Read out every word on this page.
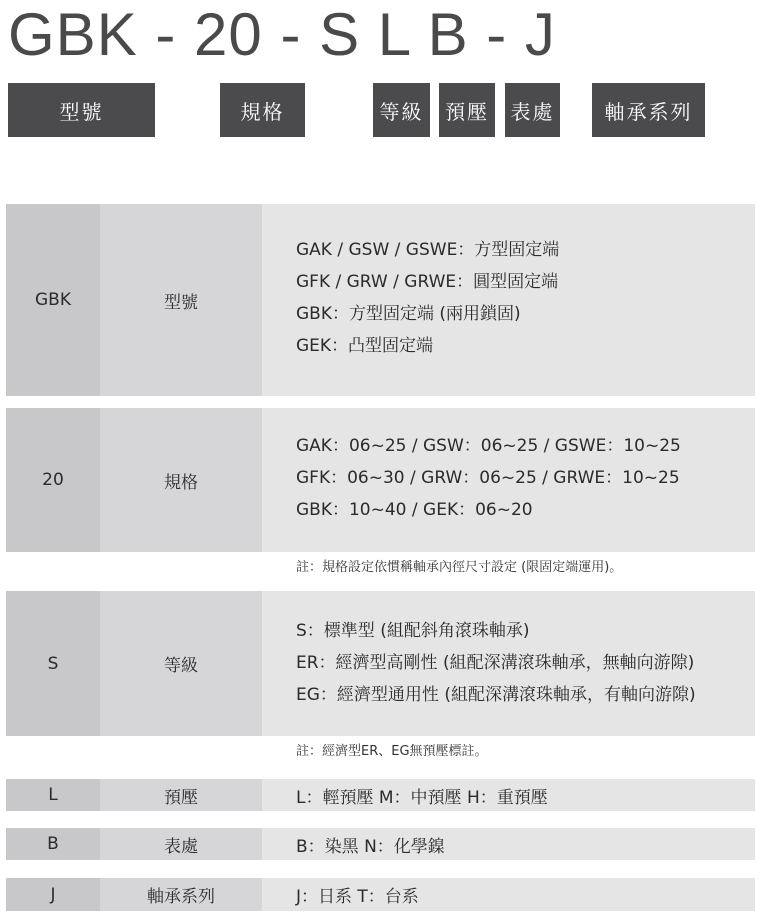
GBK - 20 - S L B - J
型號	規格	等級	預壓	表處	軸承系列
GBK	型號
GAK / GSW / GSWE：方型固定端
GFK / GRW / GRWE：圓型固定端
GBK：方型固定端 (兩用鎖固)
GEK：凸型固定端
20	規格
GAK：06~25 / GSW：06~25 / GSWE：10~25
GFK：06~30 / GRW：06~25 / GRWE：10~25
GBK：10~40 / GEK：06~20
註：規格設定依慣稱軸承內徑尺寸設定 (限固定端運用)。
S	等級
S：標準型 (組配斜角滾珠軸承)
ER：經濟型高剛性 (組配深溝滾珠軸承，無軸向游隙)
EG：經濟型通用性 (組配深溝滾珠軸承，有軸向游隙)
註：經濟型ER、EG無預壓標註。
L	預壓	L：輕預壓 M：中預壓 H：重預壓
B	表處	B：染黑 N：化學鎳
J	軸承系列	J：日系 T：台系
